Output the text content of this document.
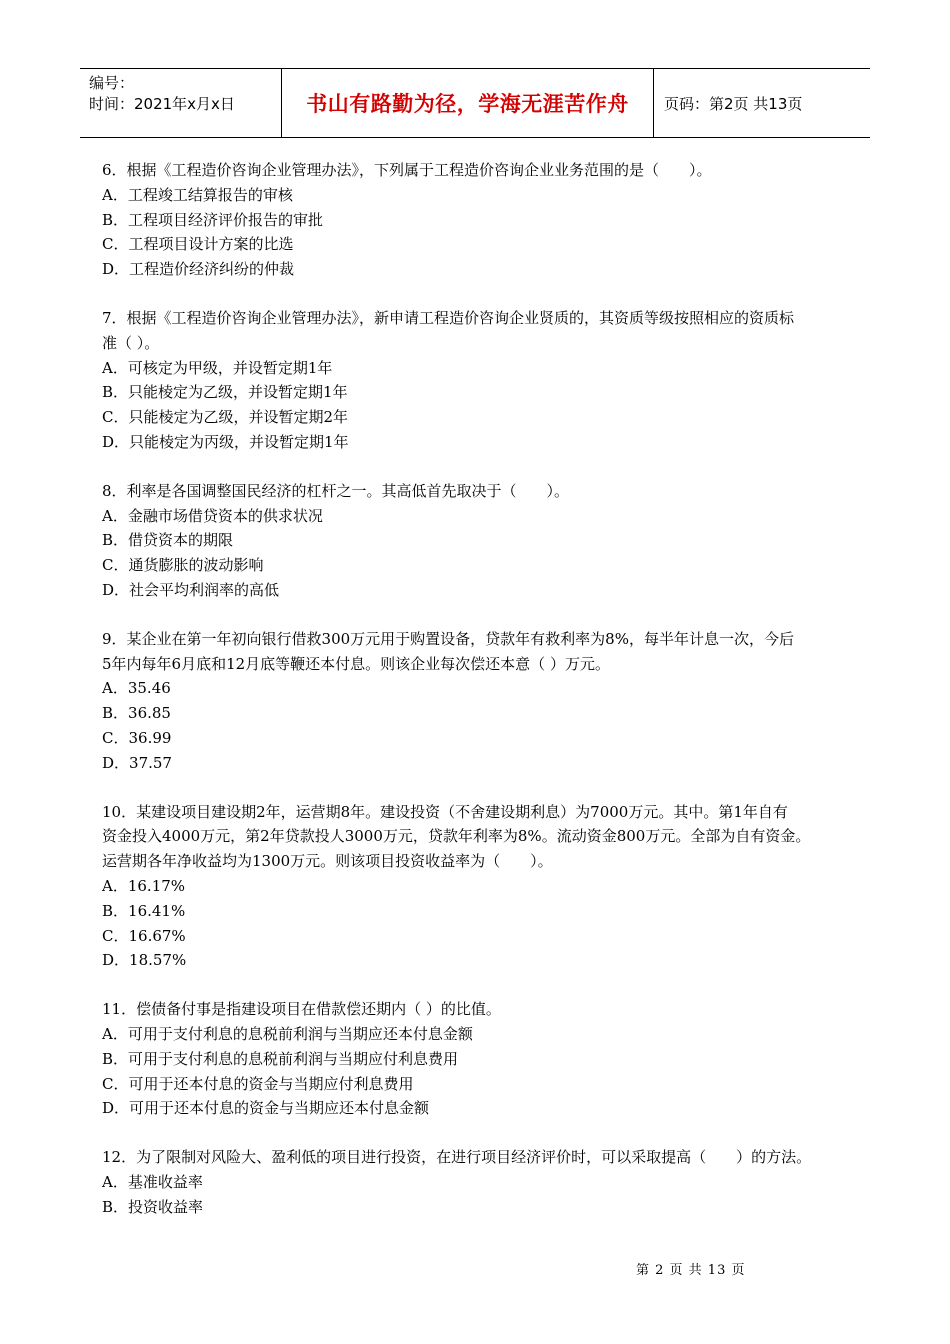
编号：
时间：2021年x月x日	书山有路勤为径，学海无涯苦作舟	页码：第2页 共13页
6．根据《工程造价咨询企业管理办法》，下列属于工程造价咨询企业业务范围的是（　　）。
A．工程竣工结算报告的审核
B．工程项目经济评价报告的审批
C．工程项目设计方案的比选
D．工程造价经济纠纷的仲裁
7．根据《工程造价咨询企业管理办法》，新申请工程造价咨询企业贤质的，其资质等级按照相应的资质标
准（ ）。
A．可核定为甲级，并设暂定期1年
B．只能棱定为乙级，并设暂定期1年
C．只能棱定为乙级，并设暂定期2年
D．只能棱定为丙级，并设暂定期1年
8．利率是各国调整国民经济的杠杆之一。其高低首先取决于（　　）。
A．金融市场借贷资本的供求状况
B．借贷资本的期限
C．通货膨胀的波动影响
D．社会平均利润率的高低
9．某企业在第一年初向银行借救300万元用于购置设备，贷款年有救利率为8%，每半年计息一次，今后
5年内每年6月底和12月底等鞭还本付息。则该企业每次偿还本意（ ）万元。
A．35.46
B．36.85
C．36.99
D．37.57
10．某建设项目建设期2年，运营期8年。建设投资（不舍建设期利息）为7000万元。其中。第1年自有
资金投入4000万元，第2年贷款投人3000万元，贷款年利率为8%。流动资金800万元。全部为自有资金。
运营期各年净收益均为1300万元。则该项目投资收益率为（　　）。
A．16.17%
B．16.41%
C．16.67%
D．18.57%
11．偿债备付事是指建设项目在借款偿还期内（ ）的比值。
A．可用于支付利息的息税前利润与当期应还本付息金额
B．可用于支付利息的息税前利润与当期应付利息费用
C．可用于还本付息的资金与当期应付利息费用
D．可用于还本付息的资金与当期应还本付息金额
12．为了限制对风险大、盈利低的项目进行投资，在进行项目经济评价时，可以采取提高（　　）的方法。
A．基准收益率
B．投资收益率
第 2 页 共 13 页
